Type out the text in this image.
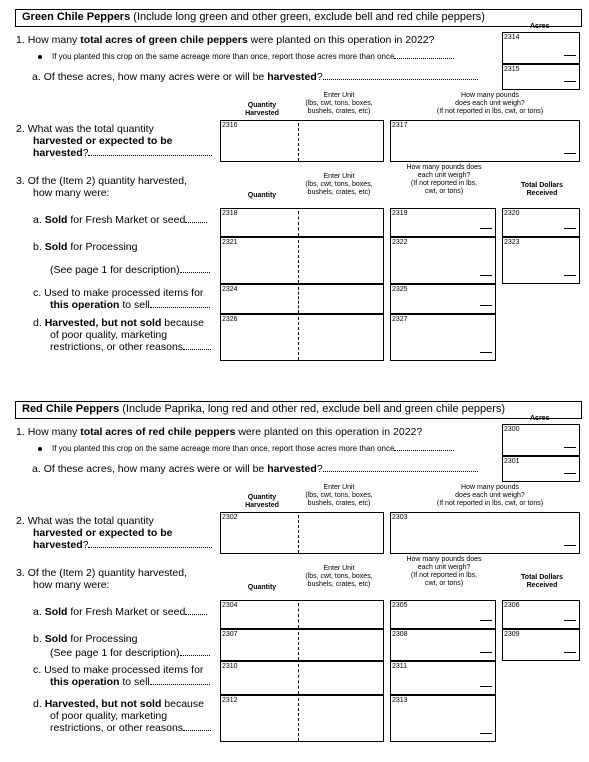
Green Chile Peppers (Include long green and other green, exclude bell and red chile peppers)
Acres
1. How many total acres of green chile peppers were planted on this operation in 2022?
If you planted this crop on the same acreage more than once, report those acres more than once
a. Of these acres, how many acres were or will be harvested?
2314
2315
Quantity
Harvested
Enter Unit
(lbs, cwt, tons, boxes,
bushels, crates, etc)
How many pounds
does each unit weigh?
(If not reported in lbs, cwt, or tons)
2. What was the total quantity
harvested or expected to be
harvested?
2316	2317
Quantity
Enter Unit
(lbs, cwt, tons, boxes,
bushels, crates, etc)
How many pounds does
each unit weigh?
(If not reported in lbs,
cwt, or tons)
Total Dollars
Received
3. Of the (Item 2) quantity harvested,
how many were:
a. Sold for Fresh Market or seed
2318	2319	2320
b. Sold for Processing
(See page 1 for description)
2321	2322	2323
c. Used to make processed items for
this operation to sell
2324	2325
d. Harvested, but not sold because
of poor quality, marketing
restrictions, or other reasons
2326	2327
Red Chile Peppers (Include Paprika, long red and other red, exclude bell and green chile peppers)
Acres
1. How many total acres of red chile peppers were planted on this operation in 2022?
If you planted this crop on the same acreage more than once, report those acres more than once
a. Of these acres, how many acres were or will be harvested?
2300
2301
Quantity
Harvested
Enter Unit
(lbs, cwt, tons, boxes,
bushels, crates, etc)
How many pounds
does each unit weigh?
(If not reported in lbs, cwt, or tons)
2. What was the total quantity
harvested or expected to be
harvested?
2302	2303
Quantity
Enter Unit
(lbs, cwt, tons, boxes,
bushels, crates, etc)
How many pounds does
each unit weigh?
(If not reported in lbs,
cwt, or tons)
Total Dollars
Received
3. Of the (Item 2) quantity harvested,
how many were:
a. Sold for Fresh Market or seed
2304	2305	2306
b. Sold for Processing
(See page 1 for description)
2307	2308	2309
c. Used to make processed items for
this operation to sell
2310	2311
d. Harvested, but not sold because
of poor quality, marketing
restrictions, or other reasons
2312	2313
